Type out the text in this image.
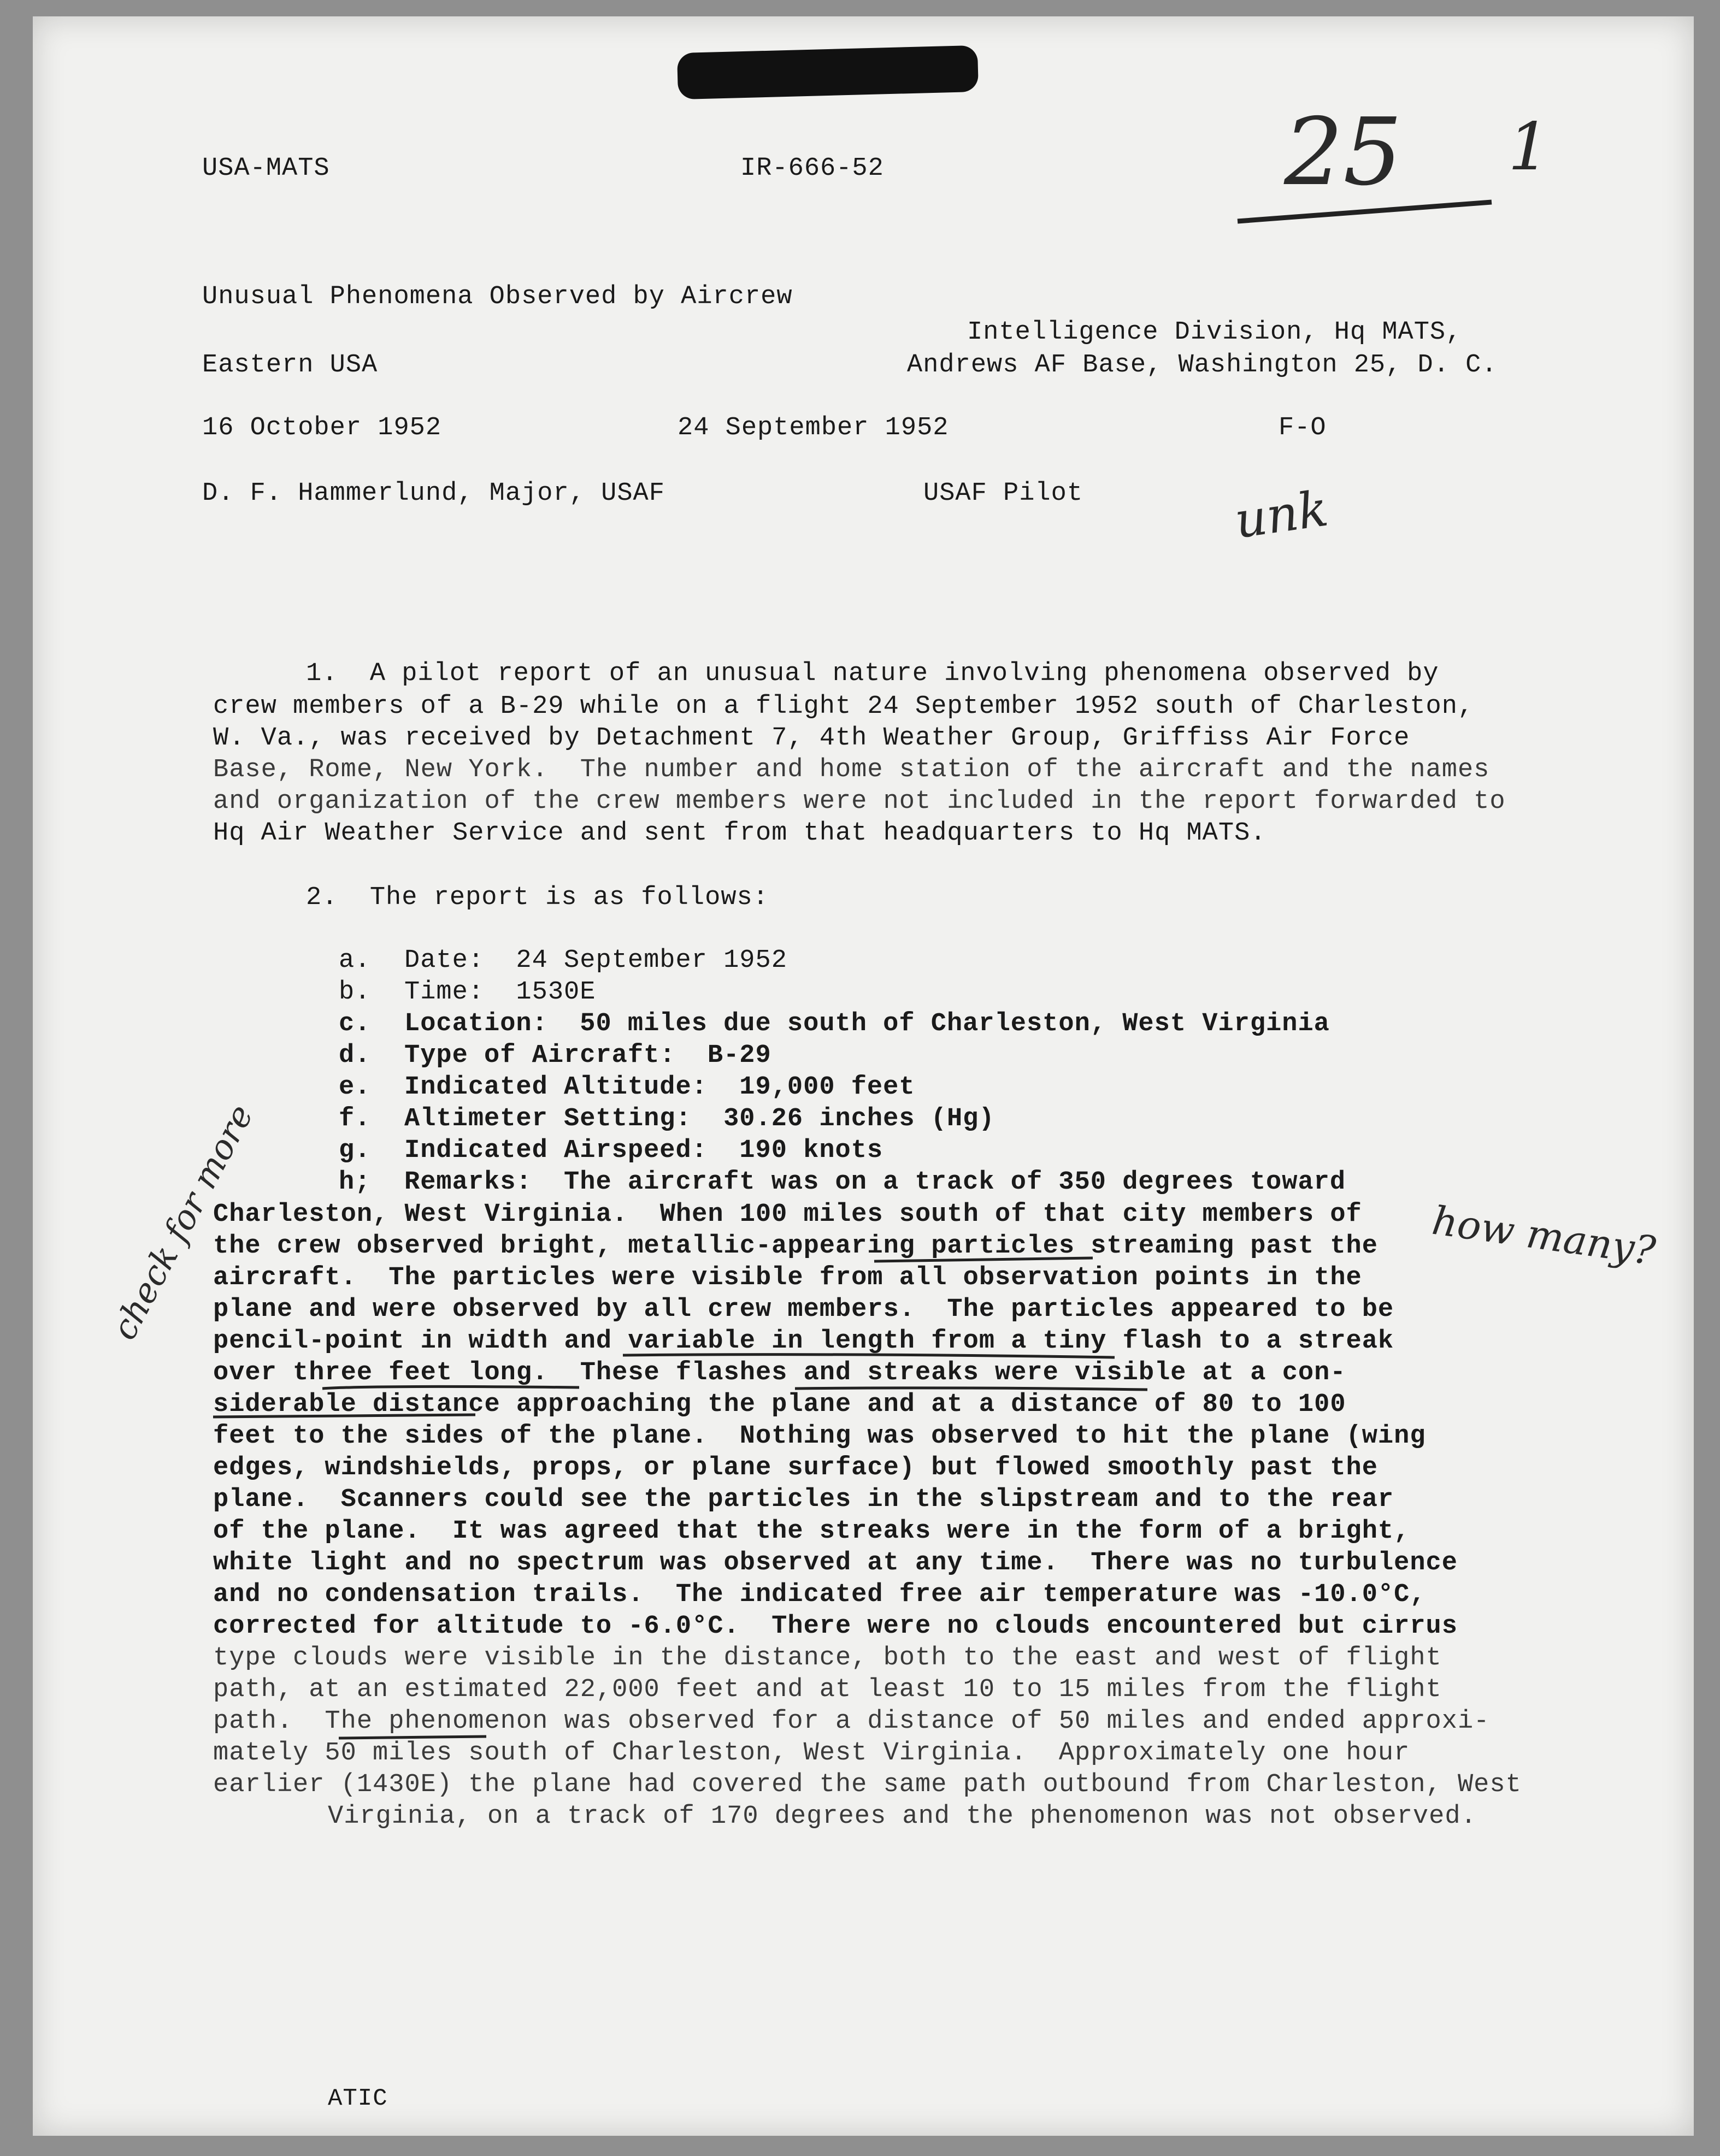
USA-MATS	IR-666-52	25 1
Unusual Phenomena Observed by Aircrew
Intelligence Division, Hq MATS,
Eastern USA	Andrews AF Base, Washington 25, D. C.
16 October 1952	24 September 1952	F-O
D. F. Hammerlund, Major, USAF	USAF Pilot	unk
1.  A pilot report of an unusual nature involving phenomena observed by
crew members of a B-29 while on a flight 24 September 1952 south of Charleston,
W. Va., was received by Detachment 7, 4th Weather Group, Griffiss Air Force
Base, Rome, New York.  The number and home station of the aircraft and the names
and organization of the crew members were not included in the report forwarded to
Hq Air Weather Service and sent from that headquarters to Hq MATS.
2.  The report is as follows:
a. Date:  24 September 1952
b. Time:  1530E
c. Location:  50 miles due south of Charleston, West Virginia
d. Type of Aircraft:  B-29
e. Indicated Altitude:  19,000 feet
f. Altimeter Setting:  30.26 inches (Hg)
g. Indicated Airspeed:  190 knots
h; Remarks:  The aircraft was on a track of 350 degrees toward
Charleston, West Virginia.  When 100 miles south of that city members of
the crew observed bright, metallic-appearing particles streaming past the
aircraft.  The particles were visible from all observation points in the
plane and were observed by all crew members.  The particles appeared to be
pencil-point in width and variable in length from a tiny flash to a streak
over three feet long.  These flashes and streaks were visible at a con-
siderable distance approaching the plane and at a distance of 80 to 100
feet to the sides of the plane.  Nothing was observed to hit the plane (wing
edges, windshields, props, or plane surface) but flowed smoothly past the
plane.  Scanners could see the particles in the slipstream and to the rear
of the plane.  It was agreed that the streaks were in the form of a bright,
white light and no spectrum was observed at any time.  There was no turbulence
and no condensation trails.  The indicated free air temperature was -10.0°C,
corrected for altitude to -6.0°C.  There were no clouds encountered but cirrus
type clouds were visible in the distance, both to the east and west of flight
path, at an estimated 22,000 feet and at least 10 to 15 miles from the flight
path.  The phenomenon was observed for a distance of 50 miles and ended approxi-
mately 50 miles south of Charleston, West Virginia.  Approximately one hour
earlier (1430E) the plane had covered the same path outbound from Charleston, West
Virginia, on a track of 170 degrees and the phenomenon was not observed.
check for more	how many?
ATIC
